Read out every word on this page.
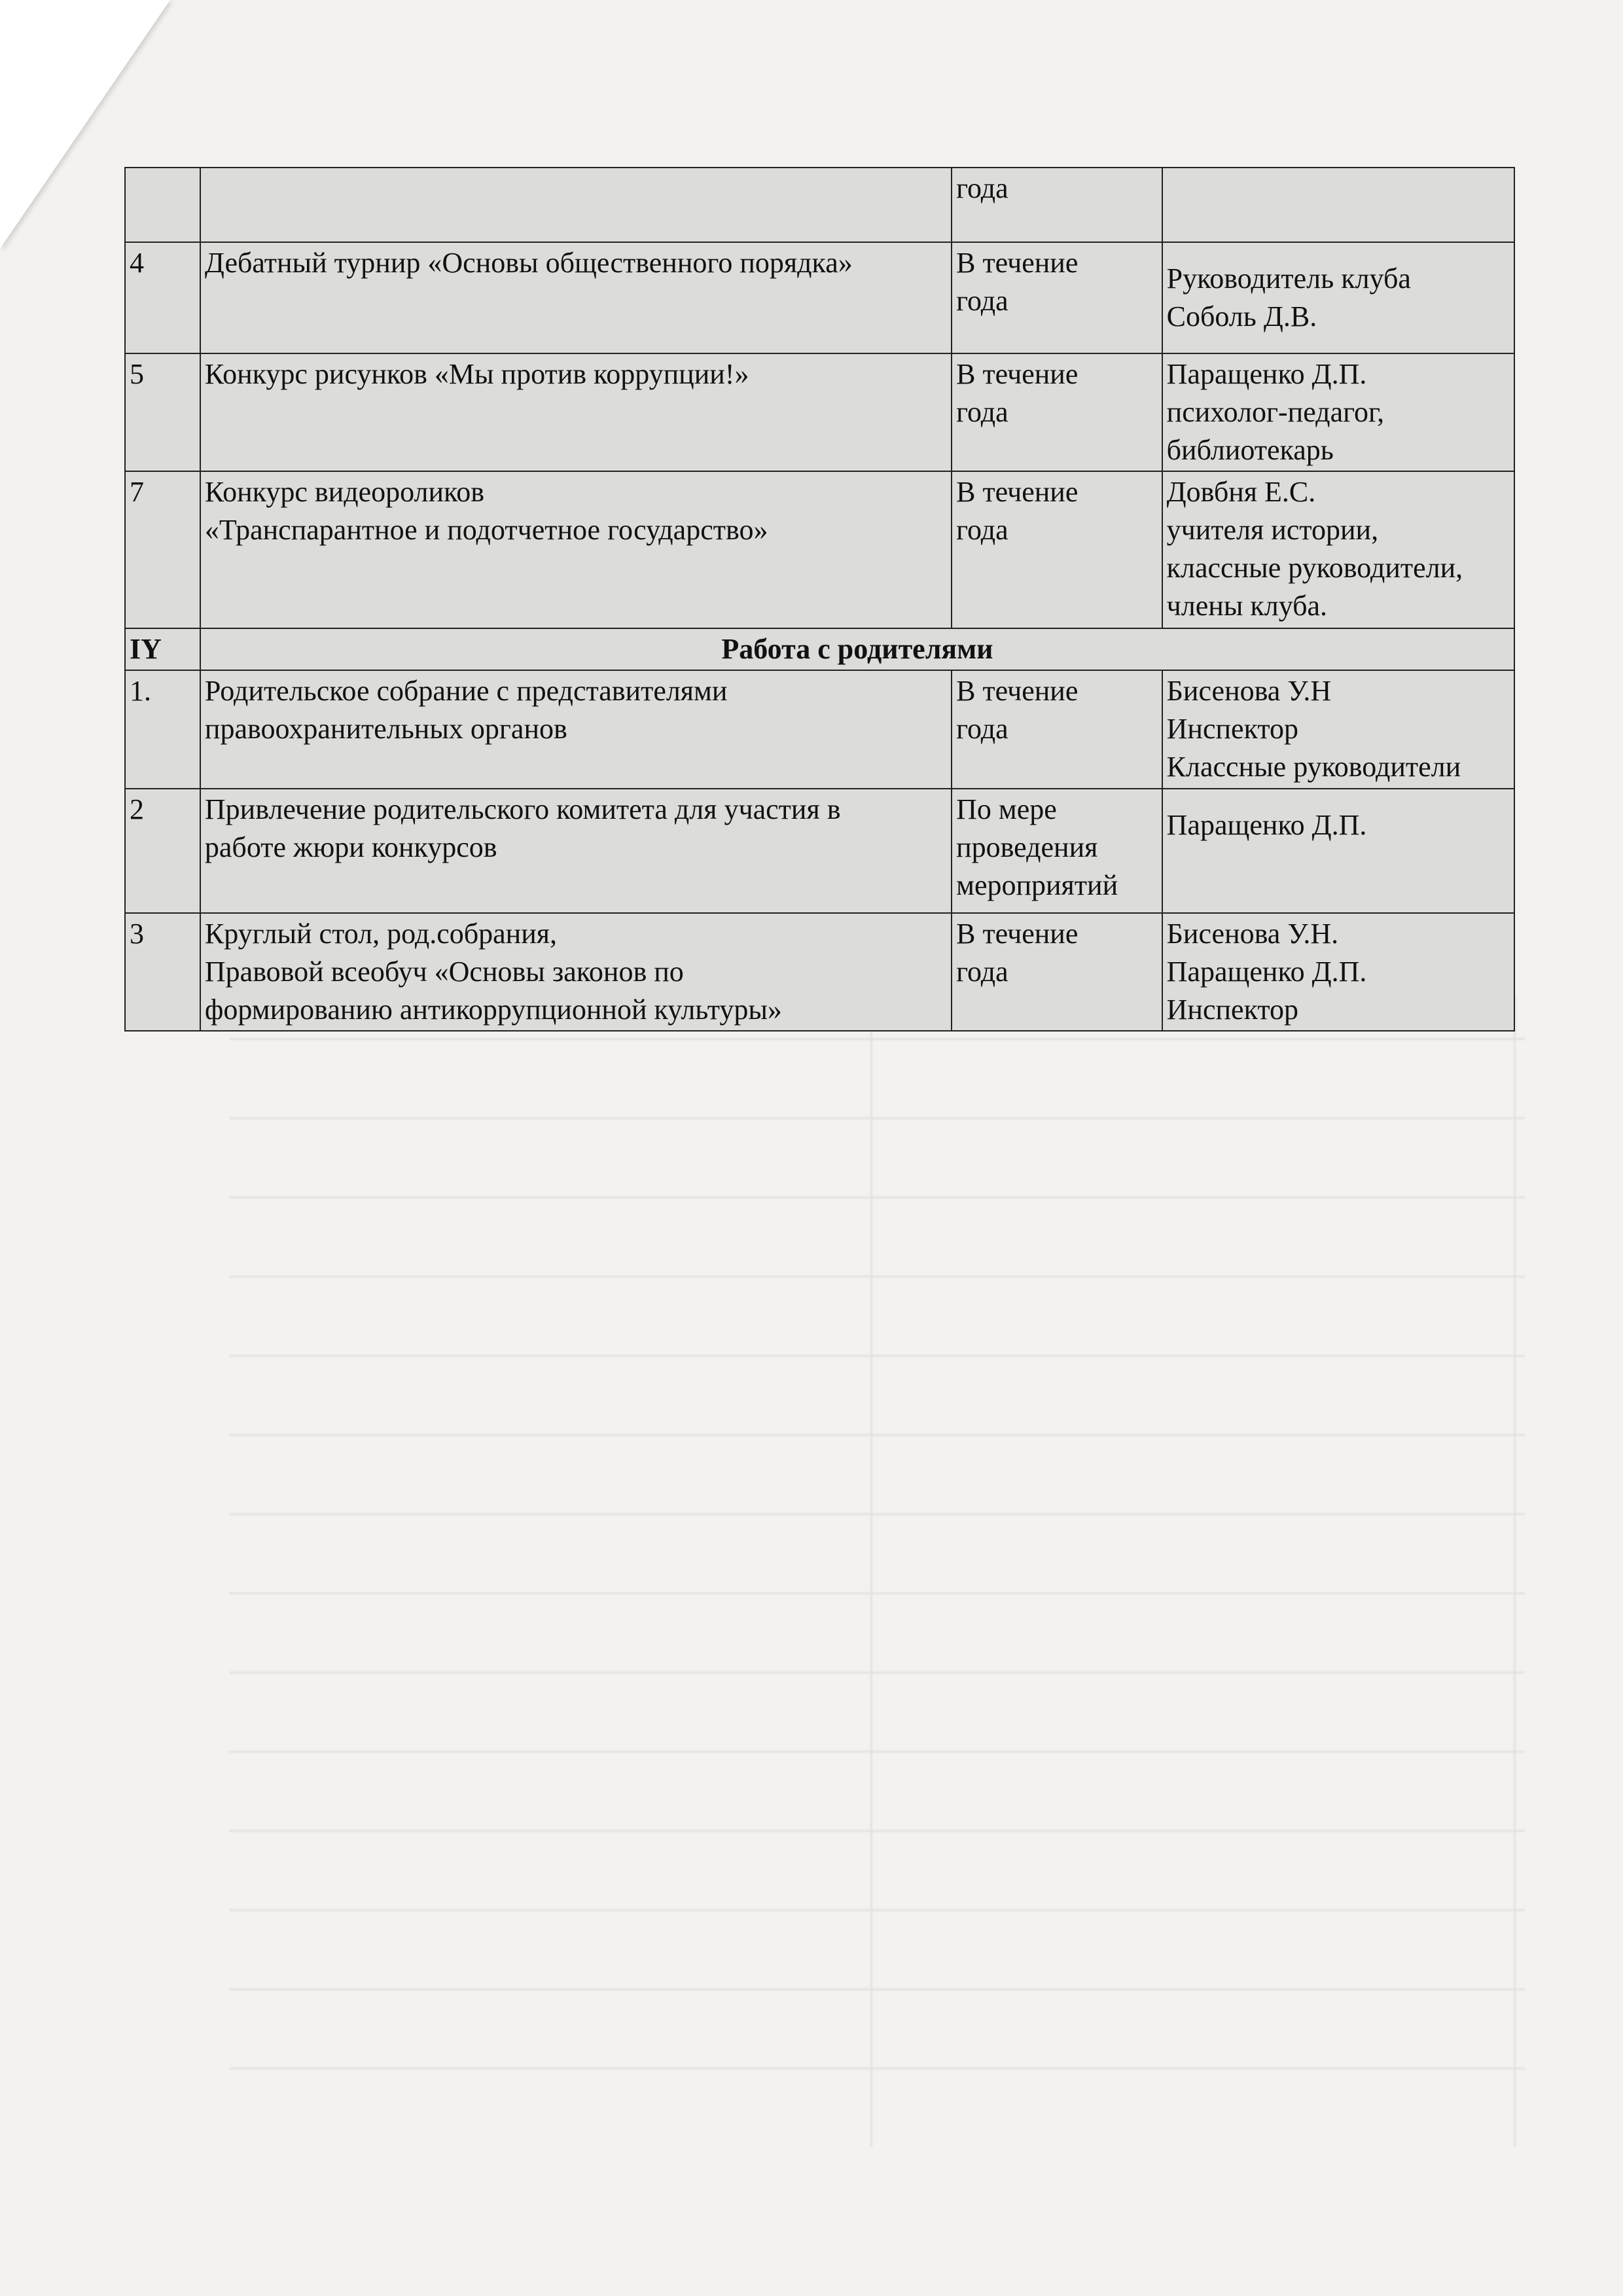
		года	

4	Дебатный турнир «Основы общественного порядка»	В течение
года	Руководитель клуба
Соболь Д.В.

5	Конкурс рисунков «Мы против коррупции!»	В течение
года	Паращенко Д.П.
психолог-педагог,
библиотекарь

7	Конкурс видеороликов
«Транспарантное и подотчетное государство»	В течение
года	Довбня Е.С.
учителя истории,
классные руководители,
члены клуба.

IY	Работа с родителями		
1.	Родительское собрание с представителями
правоохранительных органов	В течение
года	Бисенова У.Н
Инспектор
Классные руководители

2	Привлечение родительского комитета для участия в
работе жюри конкурсов	По мере
проведения
мероприятий	Паращенко Д.П.

3	Круглый стол, род.собрания,
Правовой всеобуч «Основы законов по
формированию антикоррупционной культуры»	В течение
года	Бисенова У.Н.
Паращенко Д.П.
Инспектор
